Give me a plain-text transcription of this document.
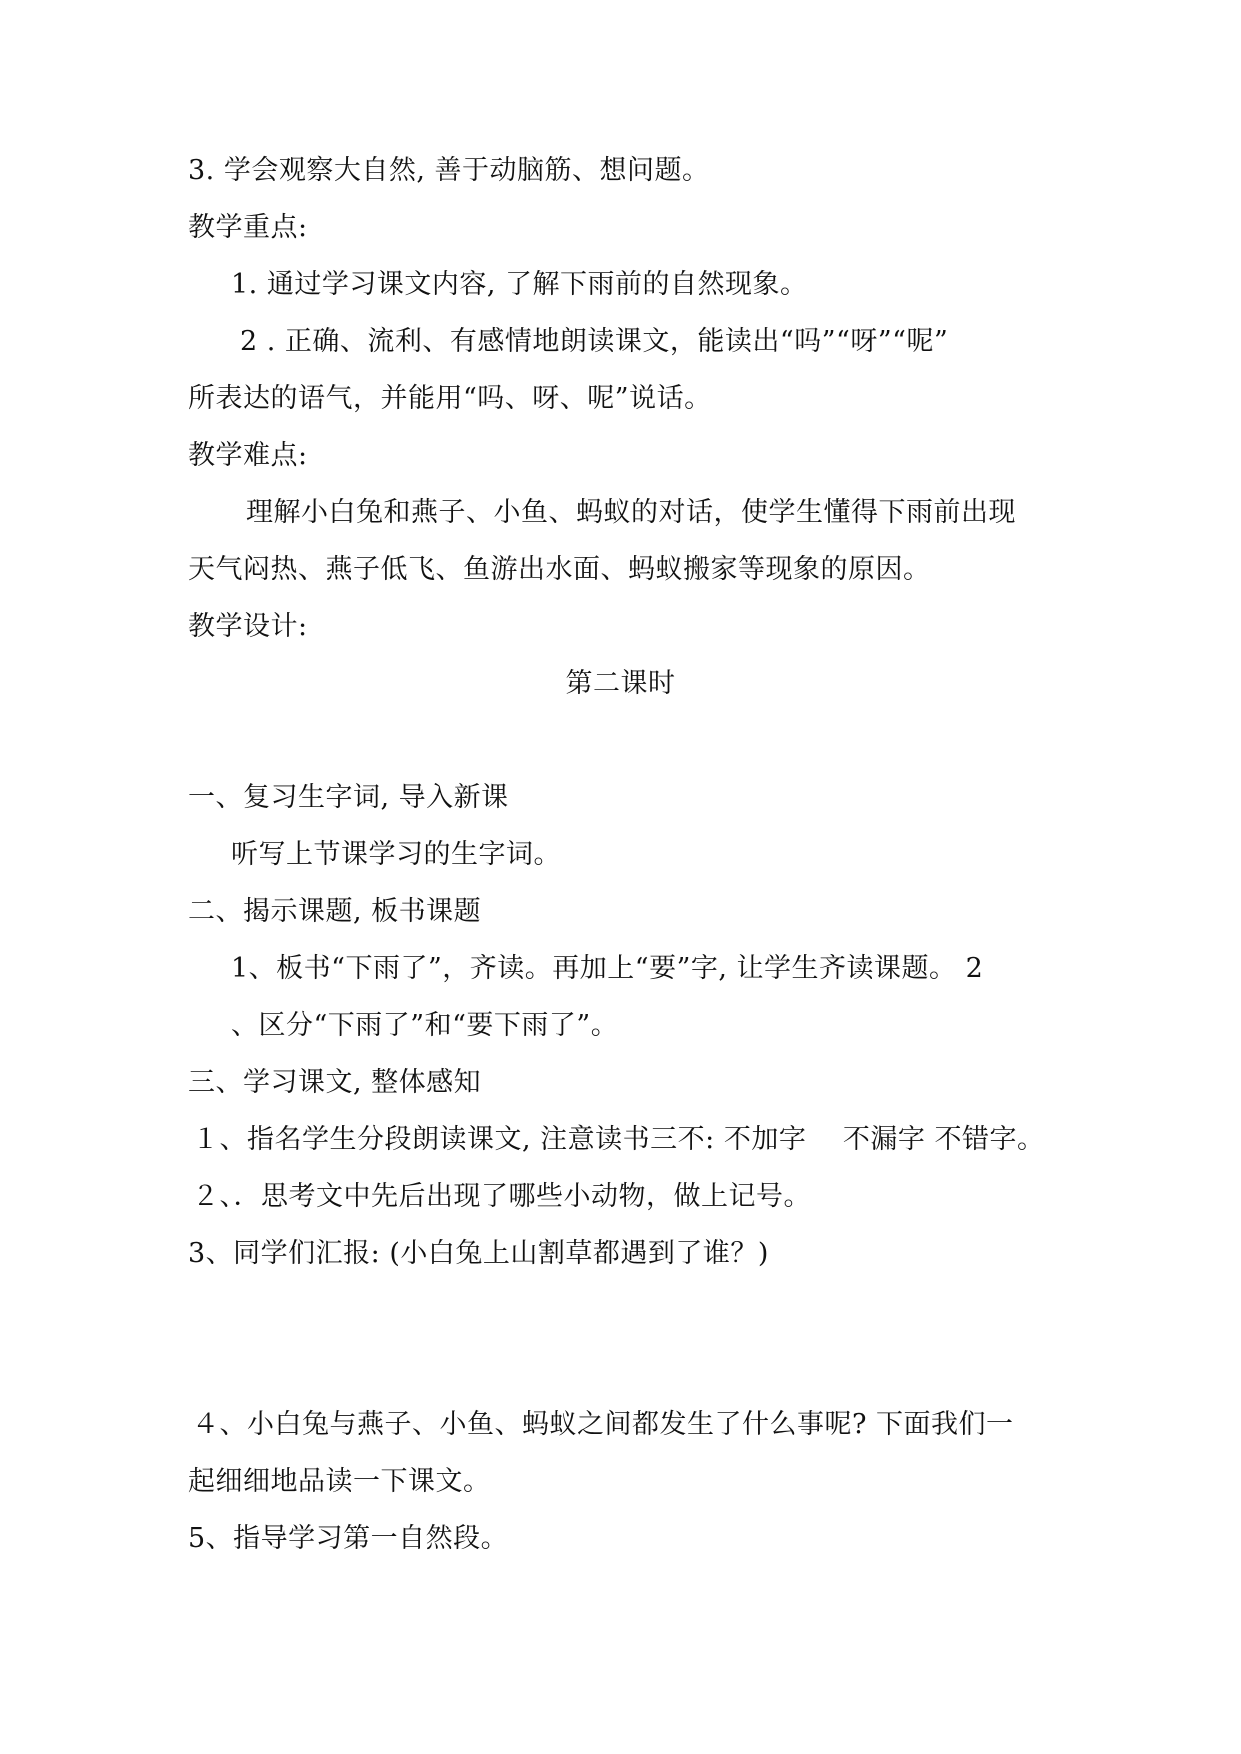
3. 学会观察大自然, 善于动脑筋、想问题。
教学重点:
1. 通过学习课文内容, 了解下雨前的自然现象。
2 . 正确、流利、有感情地朗读课文，能读出“吗”“呀”“呢”
所表达的语气，并能用“吗、呀、呢”说话。
教学难点:
理解小白兔和燕子、小鱼、蚂蚁的对话，使学生懂得下雨前出现
天气闷热、燕子低飞、鱼游出水面、蚂蚁搬家等现象的原因。
教学设计:
第二课时
一、复习生字词, 导入新课
听写上节课学习的生字词。
二、揭示课题, 板书课题
1、板书“下雨了”，齐读。再加上“要”字, 让学生齐读课题。 2
、区分“下雨了”和“要下雨了”。
三、学习课文, 整体感知
１、指名学生分段朗读课文, 注意读书三不: 不加字　 不漏字 不错字。
２、．思考文中先后出现了哪些小动物，做上记号。
3、同学们汇报: (小白兔上山割草都遇到了谁？)
４、小白兔与燕子、小鱼、蚂蚁之间都发生了什么事呢? 下面我们一
起细细地品读一下课文。
5、指导学习第一自然段。
